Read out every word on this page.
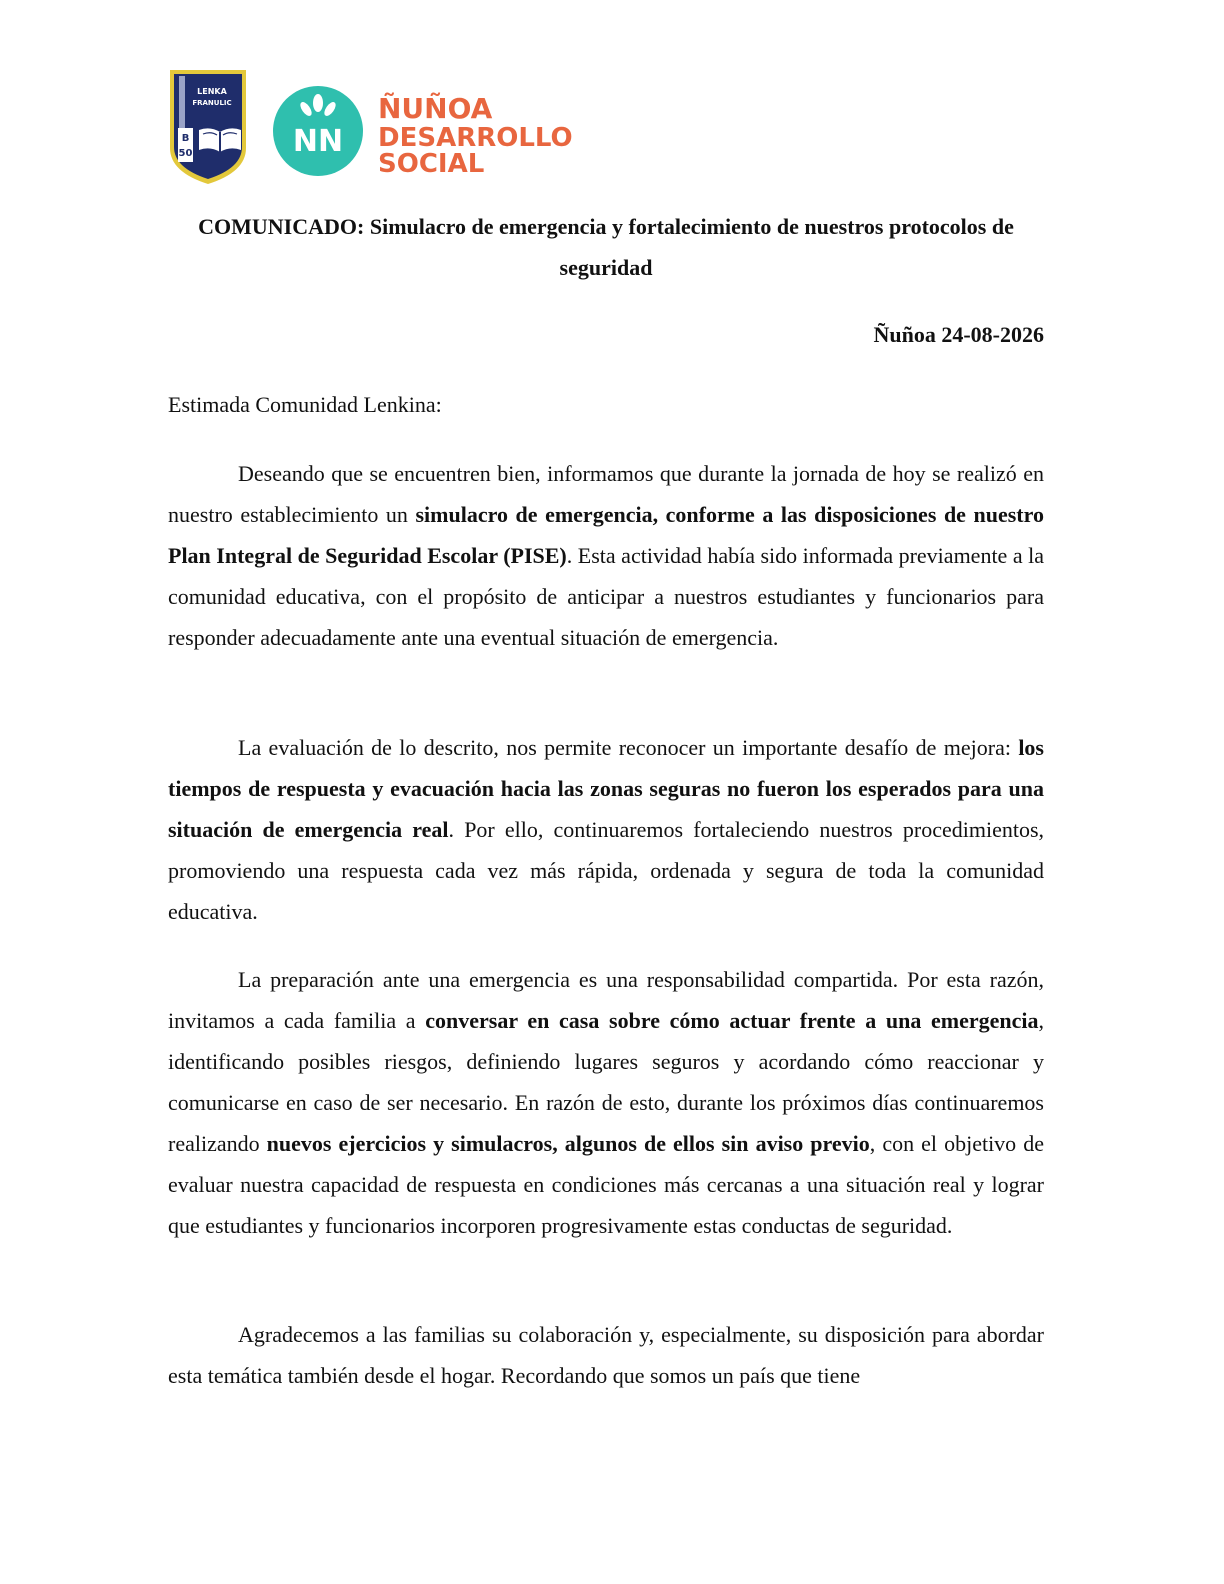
LENKA
FRANULIC
B
50	NN
ÑUÑOA
DESARROLLO
SOCIAL
COMUNICADO: Simulacro de emergencia y fortalecimiento de nuestros protocolos de seguridad

Ñuñoa 24-08-2026

Estimada Comunidad Lenkina:

Deseando que se encuentren bien, informamos que durante la jornada de hoy se realizó en nuestro establecimiento un simulacro de emergencia, conforme a las disposiciones de nuestro Plan Integral de Seguridad Escolar (PISE). Esta actividad había sido informada previamente a la comunidad educativa, con el propósito de anticipar a nuestros estudiantes y funcionarios para responder adecuadamente ante una eventual situación de emergencia.

La evaluación de lo descrito, nos permite reconocer un importante desafío de mejora: los tiempos de respuesta y evacuación hacia las zonas seguras no fueron los esperados para una situación de emergencia real. Por ello, continuaremos fortaleciendo nuestros procedimientos, promoviendo una respuesta cada vez más rápida, ordenada y segura de toda la comunidad educativa.

La preparación ante una emergencia es una responsabilidad compartida. Por esta razón, invitamos a cada familia a conversar en casa sobre cómo actuar frente a una emergencia, identificando posibles riesgos, definiendo lugares seguros y acordando cómo reaccionar y comunicarse en caso de ser necesario. En razón de esto, durante los próximos días continuaremos realizando nuevos ejercicios y simulacros, algunos de ellos sin aviso previo, con el objetivo de evaluar nuestra capacidad de respuesta en condiciones más cercanas a una situación real y lograr que estudiantes y funcionarios incorporen progresivamente estas conductas de seguridad.

Agradecemos a las familias su colaboración y, especialmente, su disposición para abordar esta temática también desde el hogar. Recordando que somos un país que tiene
